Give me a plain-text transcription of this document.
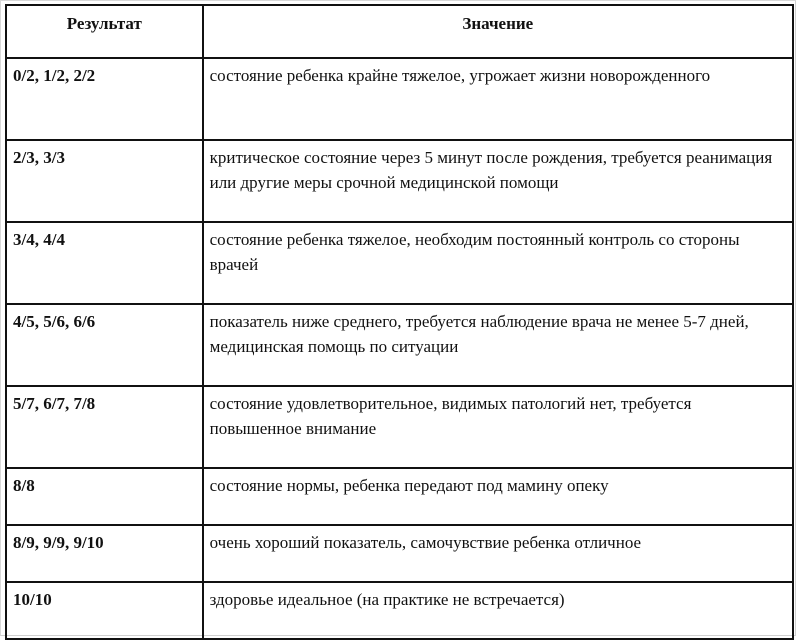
Результат	Значение
0/2, 1/2, 2/2	состояние ребенка крайне тяжелое, угрожает жизни новорожденного
2/3, 3/3	критическое состояние через 5 минут после рождения, требуется реанимация или другие меры срочной медицинской помощи
3/4, 4/4	состояние ребенка тяжелое, необходим постоянный контроль со стороны врачей
4/5, 5/6, 6/6	показатель ниже среднего, требуется наблюдение врача не менее 5-7 дней, медицинская помощь по ситуации
5/7, 6/7, 7/8	состояние удовлетворительное, видимых патологий нет, требуется повышенное внимание
8/8	состояние нормы, ребенка передают под мамину опеку
8/9, 9/9, 9/10	очень хороший показатель, самочувствие ребенка отличное
10/10	здоровье идеальное (на практике не встречается)
